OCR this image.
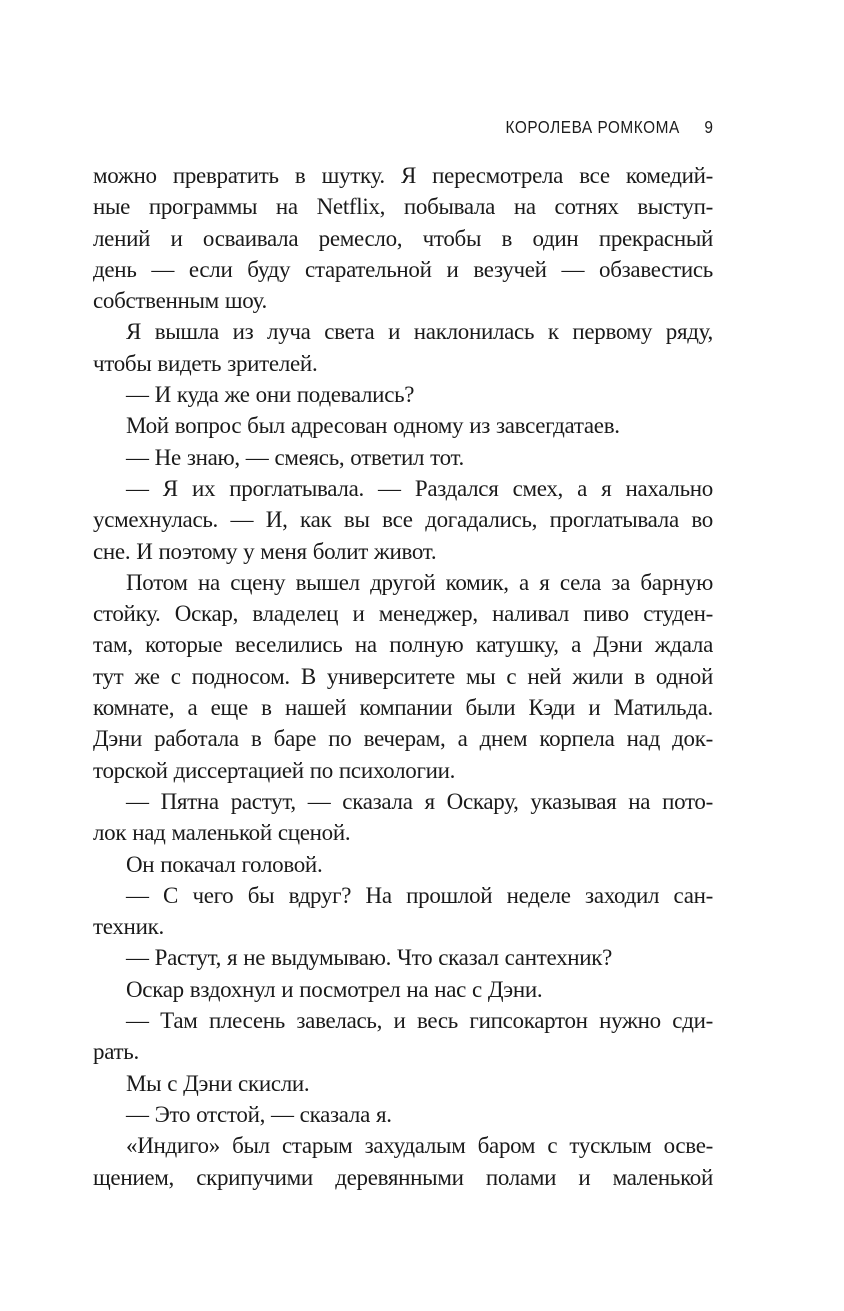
КОРОЛЕВА РОМКОМА 9
можно превратить в шутку. Я пересмотрела все комедий-
ные программы на Netflix, побывала на сотнях выступ-
лений и осваивала ремесло, чтобы в один прекрасный
день — если буду старательной и везучей — обзавестись
собственным шоу.
Я вышла из луча света и наклонилась к первому ряду,
чтобы видеть зрителей.
— И куда же они подевались?
Мой вопрос был адресован одному из завсегдатаев.
— Не знаю, — смеясь, ответил тот.
— Я их проглатывала. — Раздался смех, а я нахально
усмехнулась. — И, как вы все догадались, проглатывала во
сне. И поэтому у меня болит живот.
Потом на сцену вышел другой комик, а я села за барную
стойку. Оскар, владелец и менеджер, наливал пиво студен-
там, которые веселились на полную катушку, а Дэни ждала
тут же с подносом. В университете мы с ней жили в одной
комнате, а еще в нашей компании были Кэди и Матильда.
Дэни работала в баре по вечерам, а днем корпела над док-
торской диссертацией по психологии.
— Пятна растут, — сказала я Оскару, указывая на пото-
лок над маленькой сценой.
Он покачал головой.
— С чего бы вдруг? На прошлой неделе заходил сан-
техник.
— Растут, я не выдумываю. Что сказал сантехник?
Оскар вздохнул и посмотрел на нас с Дэни.
— Там плесень завелась, и весь гипсокартон нужно сди-
рать.
Мы с Дэни скисли.
— Это отстой, — сказала я.
«Индиго» был старым захудалым баром с тусклым осве-
щением, скрипучими деревянными полами и маленькой
